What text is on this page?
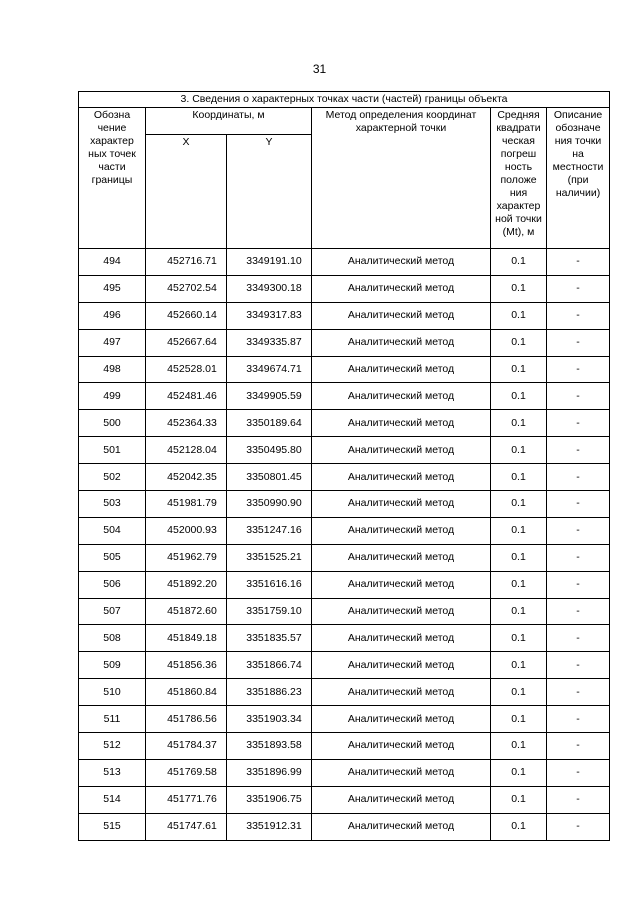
31
3. Сведения о характерных точках части (частей) границы объекта					

Обозна чение характер ных точек части границы	Координаты, м		Метод определения координат характерной точки	Средняя квадрати ческая погреш ность положе ния характер ной точки (Mt), м	Описание обозначе ния точки на местности (при наличии)

	X	Y			

494	452716.71	3349191.10	Аналитический метод	0.1	-
495	452702.54	3349300.18	Аналитический метод	0.1	-
496	452660.14	3349317.83	Аналитический метод	0.1	-
497	452667.64	3349335.87	Аналитический метод	0.1	-
498	452528.01	3349674.71	Аналитический метод	0.1	-
499	452481.46	3349905.59	Аналитический метод	0.1	-
500	452364.33	3350189.64	Аналитический метод	0.1	-
501	452128.04	3350495.80	Аналитический метод	0.1	-
502	452042.35	3350801.45	Аналитический метод	0.1	-
503	451981.79	3350990.90	Аналитический метод	0.1	-
504	452000.93	3351247.16	Аналитический метод	0.1	-
505	451962.79	3351525.21	Аналитический метод	0.1	-
506	451892.20	3351616.16	Аналитический метод	0.1	-
507	451872.60	3351759.10	Аналитический метод	0.1	-
508	451849.18	3351835.57	Аналитический метод	0.1	-
509	451856.36	3351866.74	Аналитический метод	0.1	-
510	451860.84	3351886.23	Аналитический метод	0.1	-
511	451786.56	3351903.34	Аналитический метод	0.1	-
512	451784.37	3351893.58	Аналитический метод	0.1	-
513	451769.58	3351896.99	Аналитический метод	0.1	-
514	451771.76	3351906.75	Аналитический метод	0.1	-
515	451747.61	3351912.31	Аналитический метод	0.1	-
